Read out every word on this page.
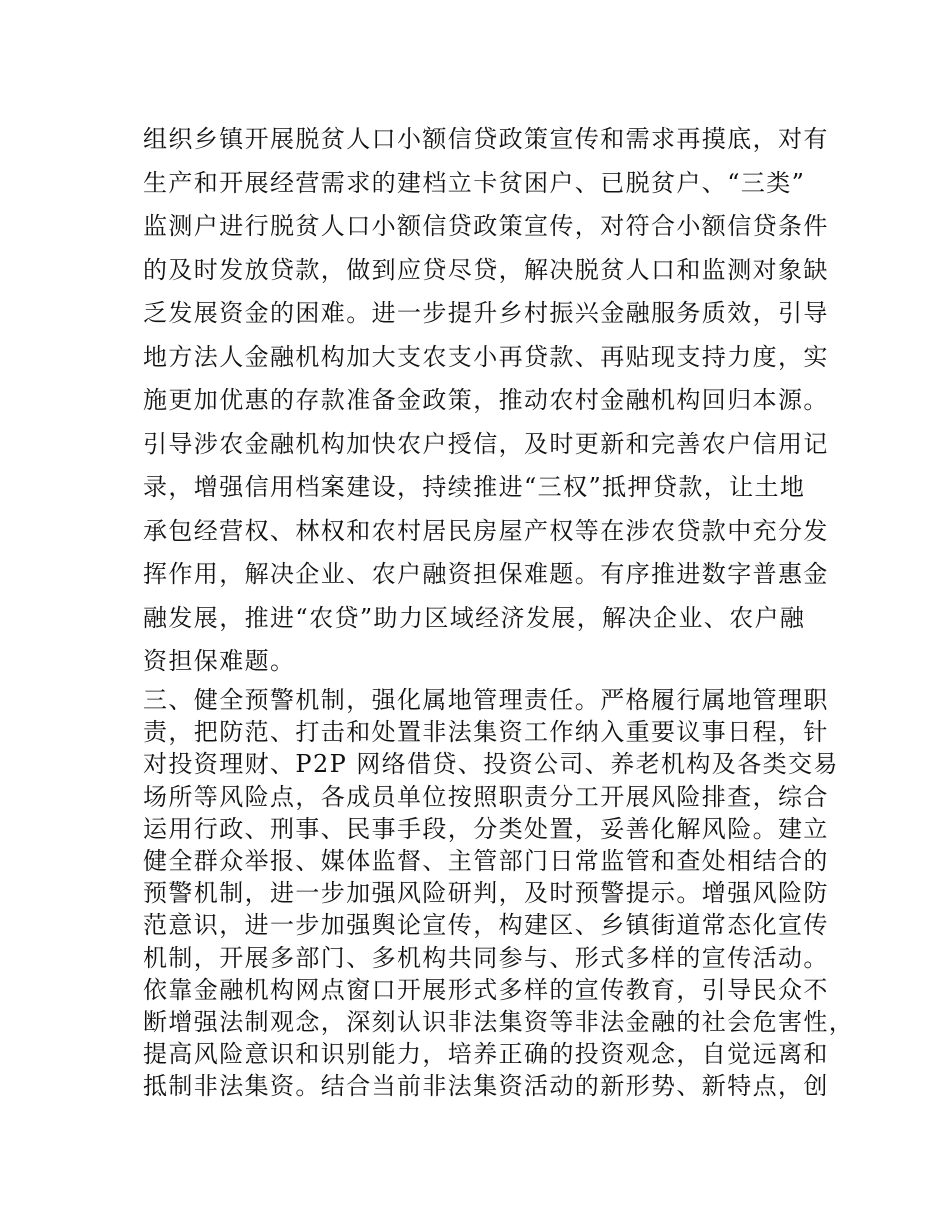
组织乡镇开展脱贫人口小额信贷政策宣传和需求再摸底，对有
生产和开展经营需求的建档立卡贫困户、已脱贫户、“三类”
监测户进行脱贫人口小额信贷政策宣传，对符合小额信贷条件
的及时发放贷款，做到应贷尽贷，解决脱贫人口和监测对象缺
乏发展资金的困难。进一步提升乡村振兴金融服务质效，引导
地方法人金融机构加大支农支小再贷款、再贴现支持力度，实
施更加优惠的存款准备金政策，推动农村金融机构回归本源。
引导涉农金融机构加快农户授信，及时更新和完善农户信用记
录，增强信用档案建设，持续推进“三权”抵押贷款，让土地
承包经营权、林权和农村居民房屋产权等在涉农贷款中充分发
挥作用，解决企业、农户融资担保难题。有序推进数字普惠金
融发展，推进“农贷”助力区域经济发展，解决企业、农户融
资担保难题。
三、健全预警机制，强化属地管理责任。严格履行属地管理职
责，把防范、打击和处置非法集资工作纳入重要议事日程，针
对投资理财、P2P 网络借贷、投资公司、养老机构及各类交易
场所等风险点，各成员单位按照职责分工开展风险排查，综合
运用行政、刑事、民事手段，分类处置，妥善化解风险。建立
健全群众举报、媒体监督、主管部门日常监管和查处相结合的
预警机制，进一步加强风险研判，及时预警提示。增强风险防
范意识，进一步加强舆论宣传，构建区、乡镇街道常态化宣传
机制，开展多部门、多机构共同参与、形式多样的宣传活动。
依靠金融机构网点窗口开展形式多样的宣传教育，引导民众不
断增强法制观念，深刻认识非法集资等非法金融的社会危害性，
提高风险意识和识别能力，培养正确的投资观念，自觉远离和
抵制非法集资。结合当前非法集资活动的新形势、新特点，创
